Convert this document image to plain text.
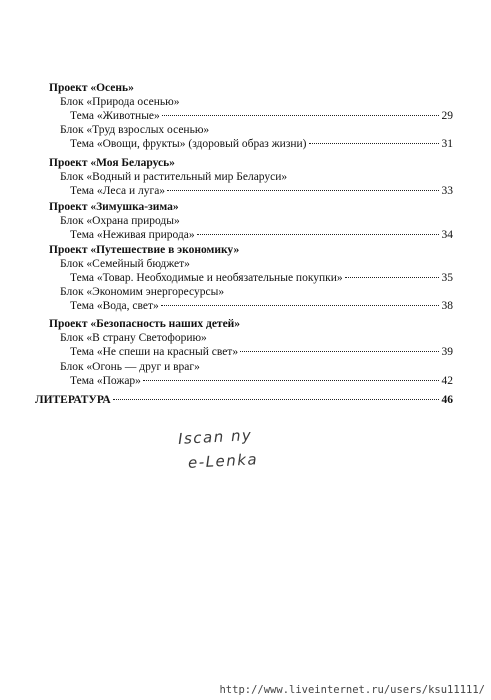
Проект «Осень»
Блок «Природа осенью»
Тема «Животные»	29
Блок «Труд взрослых осенью»
Тема «Овощи, фрукты» (здоровый образ жизни)	31
Проект «Моя Беларусь»
Блок «Водный и растительный мир Беларуси»
Тема «Леса и луга»	33
Проект «Зимушка-зима»
Блок «Охрана природы»
Тема «Неживая природа»	34
Проект «Путешествие в экономику»
Блок «Семейный бюджет»
Тема «Товар. Необходимые и необязательные покупки»	35
Блок «Экономим энергоресурсы»
Тема «Вода, свет»	38
Проект «Безопасность наших детей»
Блок «В страну Светофорию»
Тема «Не спеши на красный свет»	39
Блок «Огонь — друг и враг»
Тема «Пожар»	42
ЛИТЕРАТУРА	46
Iscan ny
e-Lenka
http://www.liveinternet.ru/users/ksu11111/
